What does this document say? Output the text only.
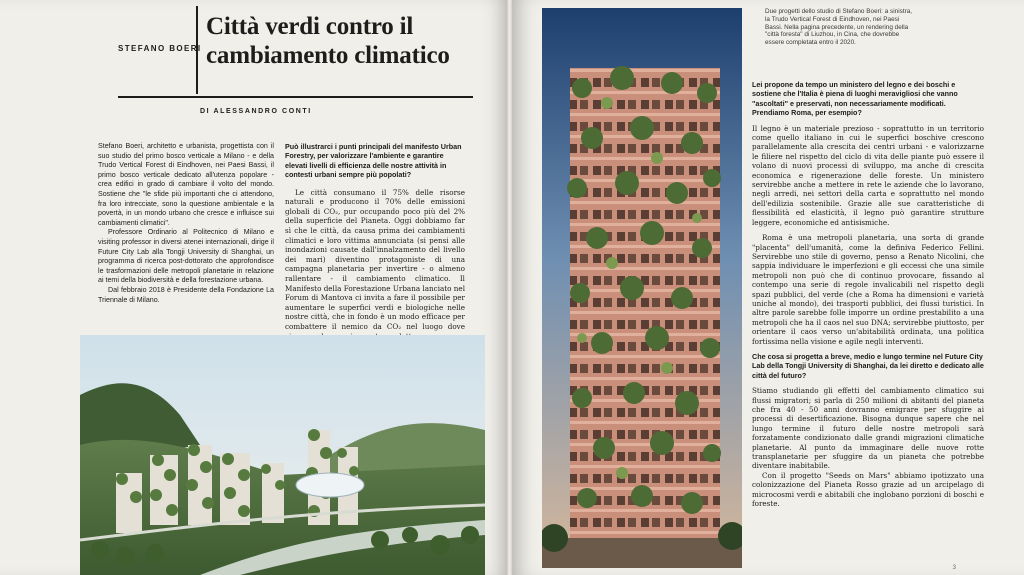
STEFANO BOERI
Città verdi contro il
cambiamento climatico
DI ALESSANDRO CONTI

Stefano Boeri, architetto e urbanista, progettista con il suo studio del primo bosco verticale a Milano - e della Trudo Vertical Forest di Eindhoven, nei Paesi Bassi, il primo bosco verticale dedicato all'utenza popolare - crea edifici in grado di cambiare il volto del mondo. Sostiene che "le sfide più importanti che ci attendono, fra loro intrecciate, sono la questione ambientale e la povertà, in un mondo urbano che cresce e influisce sui cambiamenti climatici".

Professore Ordinario al Politecnico di Milano e visiting professor in diversi atenei internazionali, dirige il Future City Lab alla Tongji University di Shanghai, un programma di ricerca post-dottorato che approfondisce le trasformazioni delle metropoli planetarie in relazione ai temi della biodiversità e della forestazione urbana.

Dal febbraio 2018 è Presidente della Fondazione La Triennale di Milano.

Può illustrarci i punti principali del manifesto Urban Forestry, per valorizzare l'ambiente e garantire elevati livelli di efficienza delle nostre attività in contesti urbani sempre più popolati?

Le città consumano il 75% delle risorse naturali e producono il 70% delle emissioni globali di CO₂, pur occupando poco più del 2% della superficie del Pianeta. Oggi dobbiamo far sì che le città, da causa prima dei cambiamenti climatici e loro vittima annunciata (si pensi alle inondazioni causate dall'innalzamento del livello dei mari) diventino protagoniste di una campagna planetaria per invertire - o almeno rallentare - il cambiamento climatico. Il Manifesto della Forestazione Urbana lanciato nel Forum di Mantova ci invita a fare il possibile per aumentare le superfici verdi e biologiche nelle nostre città, che in fondo è un modo efficace per combattere il nemico da CO₂ nel luogo dove

Due progetti dello studio di Stefano Boeri: a sinistra, la Trudo Vertical Forest di Eindhoven, nei Paesi Bassi. Nella pagina precedente, un rendering della "città foresta" di Liuzhou, in Cina, che dovrebbe essere completata entro il 2020.

Lei propone da tempo un ministero del legno e dei boschi e sostiene che l'Italia è piena di luoghi meravigliosi che vanno "ascoltati" e preservati, non necessariamente modificati. Prendiamo Roma, per esempio?

Il legno è un materiale prezioso - soprattutto in un territorio come quello italiano in cui le superfici boschive crescono parallelamente alla crescita dei centri urbani - e valorizzarne le filiere nel rispetto del ciclo di vita delle piante può essere il volano di nuovi processi di sviluppo, ma anche di crescita economica e rigenerazione delle foreste. Un ministero servirebbe anche a mettere in rete le aziende che lo lavorano, negli arredi, nei settori della carta e soprattutto nel mondo dell'edilizia sostenibile. Grazie alle sue caratteristiche di flessibilità ed elasticità, il legno può garantire strutture leggere, economiche ed antisismiche.

Roma è una metropoli planetaria, una sorta di grande "placenta" dell'umanità, come la definiva Federico Fellini. Servirebbe uno stile di governo, penso a Renato Nicolini, che sappia individuare le imperfezioni e gli eccessi che una simile metropoli non può che di continuo provocare, fissando al contempo una serie di regole invalicabili nel rispetto degli spazi pubblici, del verde (che a Roma ha dimensioni e varietà uniche al mondo), dei trasporti pubblici, dei flussi turistici. In altre parole sarebbe folle imporre un ordine prestabilito a una metropoli che ha il caos nel suo DNA; servirebbe piuttosto, per orientare il caos verso un'abitabilità ordinata, una politica fortissima nella visione e agile negli interventi.

Che cosa si progetta a breve, medio e lungo termine nel Future City Lab della Tongji University di Shanghai, da lei diretto e dedicato alle città del futuro?

Stiamo studiando gli effetti del cambiamento climatico sui flussi migratori; si parla di 250 milioni di abitanti del pianeta che fra 40 - 50 anni dovranno emigrare per sfuggire ai processi di desertificazione. Bisogna dunque sapere che nel lungo termine il futuro delle nostre metropoli sarà forzatamente condizionato dalle grandi migrazioni climatiche planetarie. Al punto da immaginare delle nuove rotte transplanetarie per sfuggire da un pianeta che potrebbe diventare inabitabile.

Con il progetto "Seeds on Mars" abbiamo ipotizzato una colonizzazione del Pianeta Rosso grazie ad un arcipelago di microcosmi verdi e abitabili che inglobano porzioni di boschi e foreste.

3
